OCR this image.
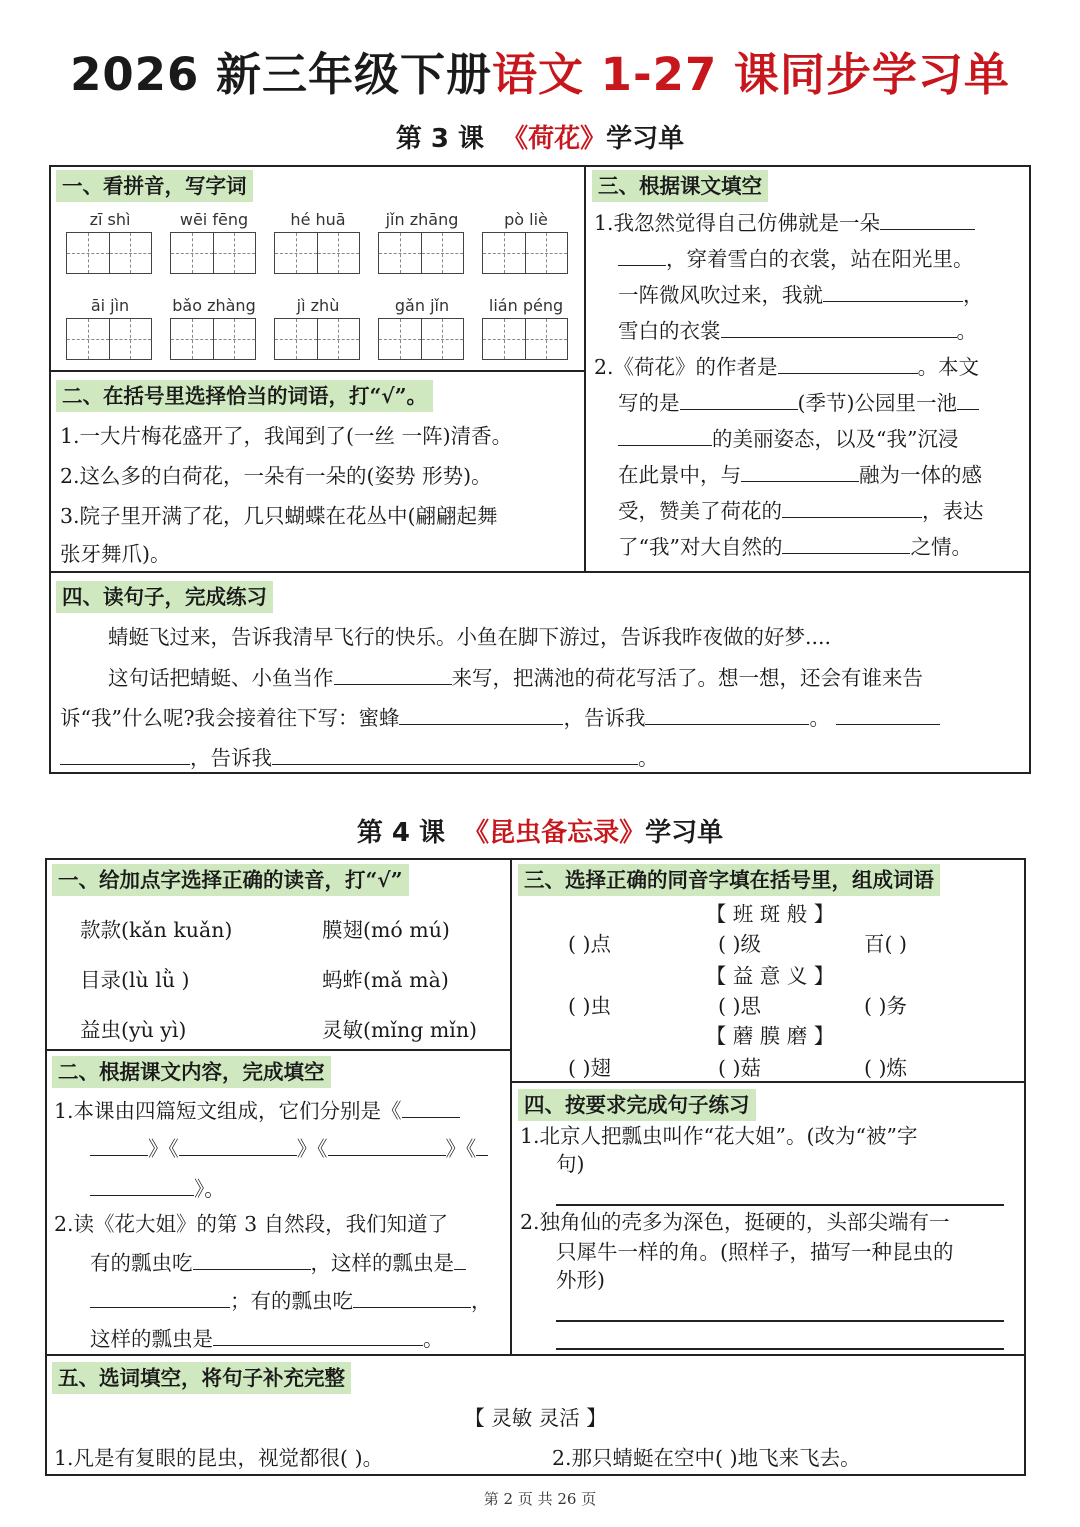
2026 新三年级下册语文 1-27 课同步学习单
第 3 课 《荷花》学习单
一、看拼音，写字词
zī shì	wēi fēng	hé huā	jǐn zhāng	pò liè
āi jìn	bǎo zhàng	jì zhù	gǎn jǐn	lián péng
二、在括号里选择恰当的词语，打“√”。
1.一大片梅花盛开了，我闻到了(一丝 一阵)清香。
2.这么多的白荷花，一朵有一朵的(姿势 形势)。
3.院子里开满了花，几只蝴蝶在花丛中(翩翩起舞
张牙舞爪)。
三、根据课文填空
1.我忽然觉得自己仿佛就是一朵
，穿着雪白的衣裳，站在阳光里。
一阵微风吹过来，我就	，
雪白的衣裳	。
2.《荷花》的作者是	。本文
写的是	(季节)公园里一池
的美丽姿态，以及“我”沉浸
在此景中，与	融为一体的感
受，赞美了荷花的	，表达
了“我”对大自然的	之情。
四、读句子，完成练习
蜻蜓飞过来，告诉我清早飞行的快乐。小鱼在脚下游过，告诉我昨夜做的好梦....
这句话把蜻蜓、小鱼当作	来写，把满池的荷花写活了。想一想，还会有谁来告
诉“我”什么呢?我会接着往下写：蜜蜂	，告诉我	。
，告诉我	。
第 4 课 《昆虫备忘录》学习单
一、给加点字选择正确的读音，打“√”
款款(kǎn kuǎn)	膜翅(mó mú)
目录(lù lǜ )	蚂蚱(mǎ mà)
益虫(yù yì)	灵敏(mǐng mǐn)
二、根据课文内容，完成填空
1.本课由四篇短文组成，它们分别是《
》《	》《	》《
》。
2.读《花大姐》的第 3 自然段，我们知道了
有的瓢虫吃	，这样的瓢虫是
；有的瓢虫吃	，
这样的瓢虫是	。
三、选择正确的同音字填在括号里，组成词语
【 班 斑 般 】
( )点	( )级	百( )
【 益 意 义 】
( )虫	( )思	( )务
【 蘑 膜 磨 】
( )翅	( )菇	( )炼
四、按要求完成句子练习
1.北京人把瓢虫叫作“花大姐”。(改为“被”字
句)
2.独角仙的壳多为深色，挺硬的，头部尖端有一
只犀牛一样的角。(照样子，描写一种昆虫的
外形)
五、选词填空，将句子补充完整
【 灵敏 灵活 】
1.凡是有复眼的昆虫，视觉都很( )。	2.那只蜻蜓在空中( )地飞来飞去。
第 2 页 共 26 页
